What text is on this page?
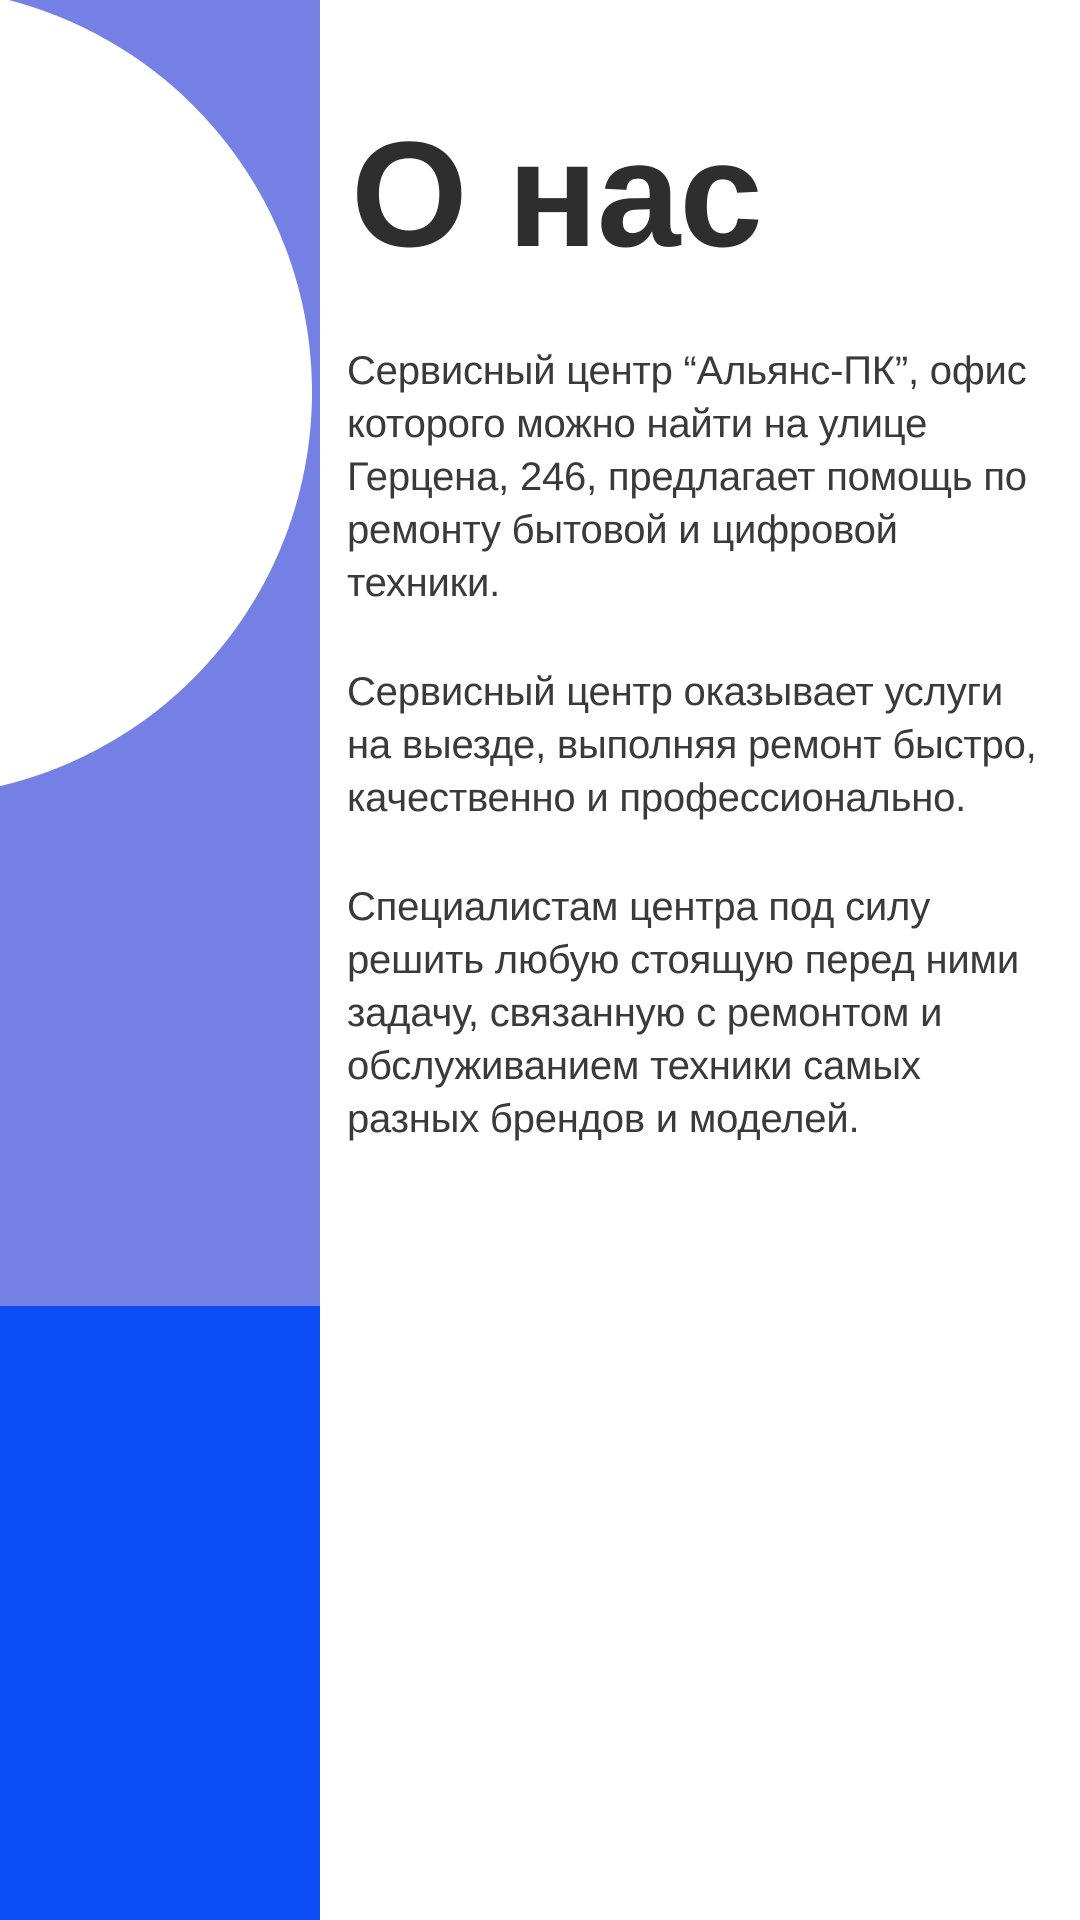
О нас

Сервисный центр “Альянс-ПК”, офис которого можно найти на улице Герцена, 246, предлагает помощь по ремонту бытовой и цифровой техники.

Сервисный центр оказывает услуги на выезде, выполняя ремонт быстро, качественно и профессионально.

Специалистам центра под силу решить любую стоящую перед ними задачу, связанную с ремонтом и обслуживанием техники самых разных брендов и моделей.
